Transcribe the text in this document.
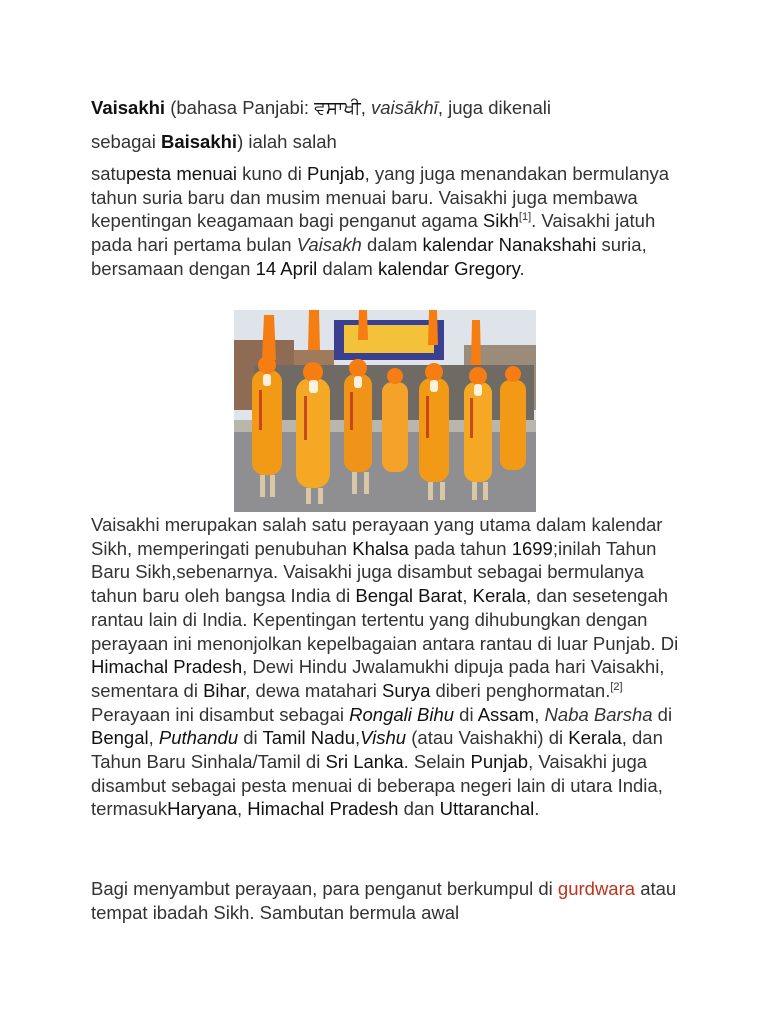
Vaisakhi (bahasa Panjabi: ਵਸਾਖੀ, vaisākhī, juga dikenali

sebagai Baisakhi) ialah salah

satupesta menuai kuno di Punjab, yang juga menandakan bermulanya tahun suria baru dan musim menuai baru. Vaisakhi juga membawa kepentingan keagamaan bagi penganut agama Sikh[1]. Vaisakhi jatuh pada hari pertama bulan Vaisakh dalam kalendar Nanakshahi suria, bersamaan dengan 14 April dalam kalendar Gregory.

Vaisakhi merupakan salah satu perayaan yang utama dalam kalendar Sikh, memperingati penubuhan Khalsa pada tahun 1699;inilah Tahun Baru Sikh,sebenarnya. Vaisakhi juga disambut sebagai bermulanya tahun baru oleh bangsa India di Bengal Barat, Kerala, dan sesetengah rantau lain di India. Kepentingan tertentu yang dihubungkan dengan perayaan ini menonjolkan kepelbagaian antara rantau di luar Punjab. Di Himachal Pradesh, Dewi Hindu Jwalamukhi dipuja pada hari Vaisakhi, sementara di Bihar, dewa matahari Surya diberi penghormatan.[2] Perayaan ini disambut sebagai Rongali Bihu di Assam, Naba Barsha di Bengal, Puthandu di Tamil Nadu,Vishu (atau Vaishakhi) di Kerala, dan Tahun Baru Sinhala/Tamil di Sri Lanka. Selain Punjab, Vaisakhi juga disambut sebagai pesta menuai di beberapa negeri lain di utara India, termasukHaryana, Himachal Pradesh dan Uttaranchal.

Bagi menyambut perayaan, para penganut berkumpul di gurdwara atau tempat ibadah Sikh. Sambutan bermula awal
